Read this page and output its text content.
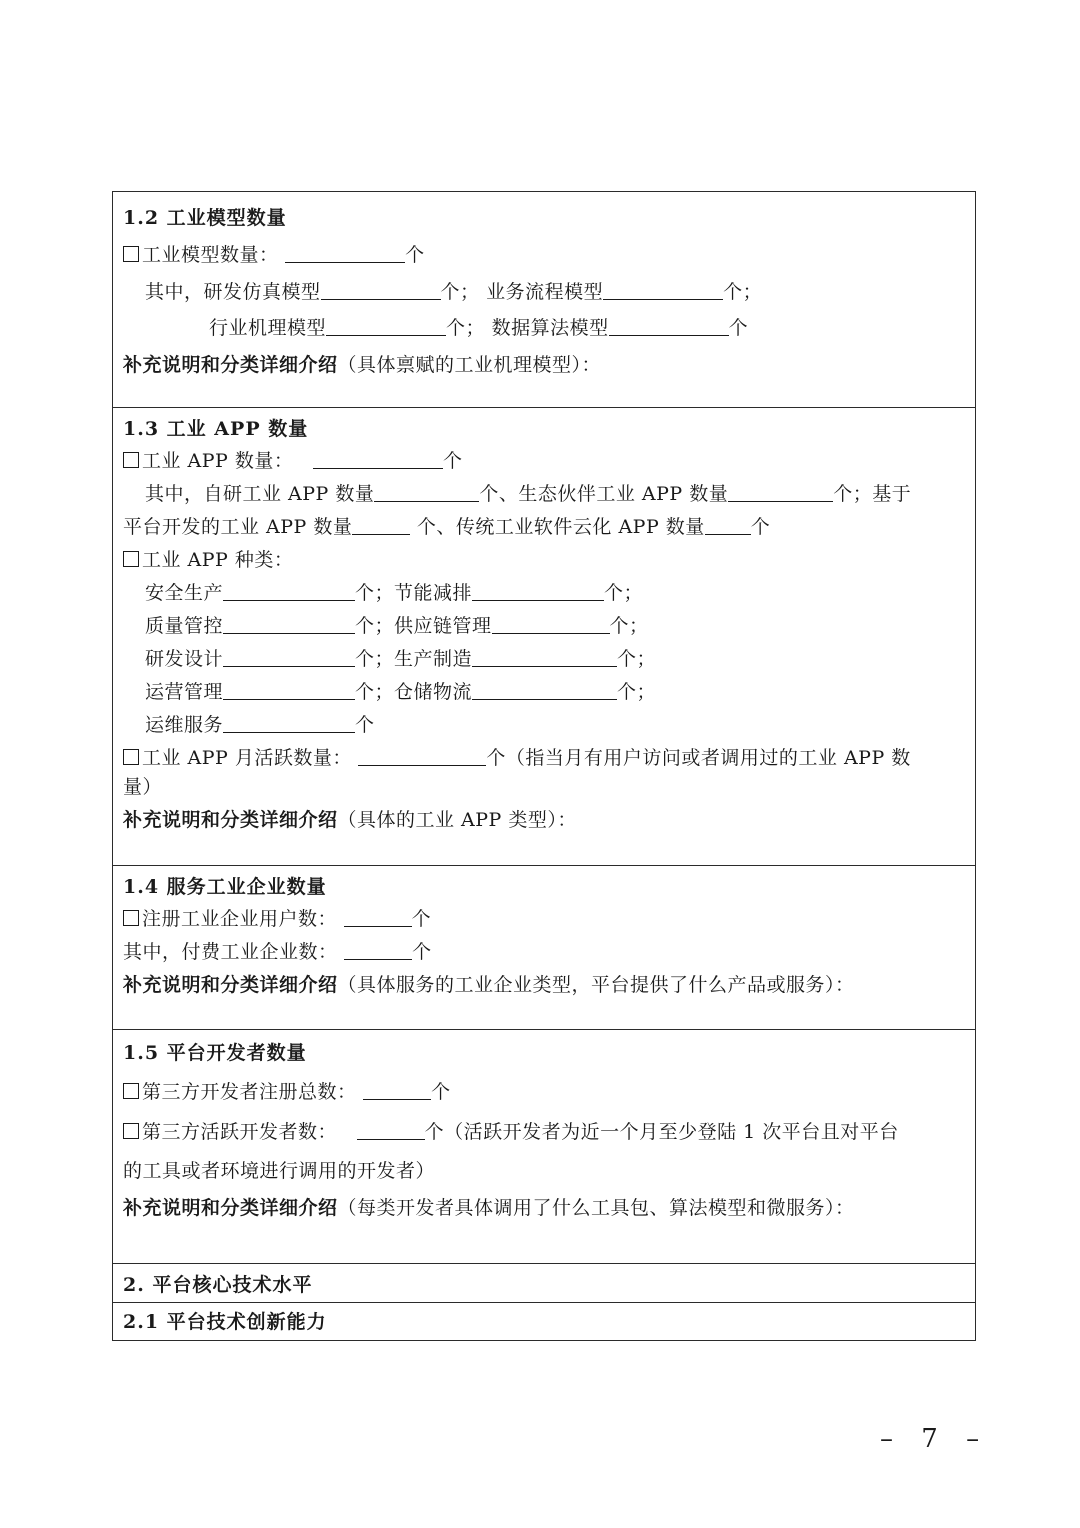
1.2 工业模型数量
工业模型数量：	个
其中，研发仿真模型	个； 业务流程模型	个；
行业机理模型	个； 数据算法模型	个
补充说明和分类详细介绍（具体禀赋的工业机理模型）：
1.3 工业 APP 数量
工业 APP 数量：	个
其中，自研工业 APP 数量	个、生态伙伴工业 APP 数量	个；基于
平台开发的工业 APP 数量	个、传统工业软件云化 APP 数量 个
工业 APP 种类：
安全生产	个；节能减排	个；
质量管控	个；供应链管理	个；
研发设计	个；生产制造	个；
运营管理	个；仓储物流	个；
运维服务	个
工业 APP 月活跃数量：	个（指当月有用户访问或者调用过的工业 APP 数
量）
补充说明和分类详细介绍（具体的工业 APP 类型）：
1.4 服务工业企业数量
注册工业企业用户数：	个
其中，付费工业企业数：	个
补充说明和分类详细介绍（具体服务的工业企业类型，平台提供了什么产品或服务）：
1.5 平台开发者数量
第三方开发者注册总数：	个
第三方活跃开发者数：	个（活跃开发者为近一个月至少登陆 1 次平台且对平台
的工具或者环境进行调用的开发者）
补充说明和分类详细介绍（每类开发者具体调用了什么工具包、算法模型和微服务）：
2. 平台核心技术水平
2.1 平台技术创新能力
– 7 –
